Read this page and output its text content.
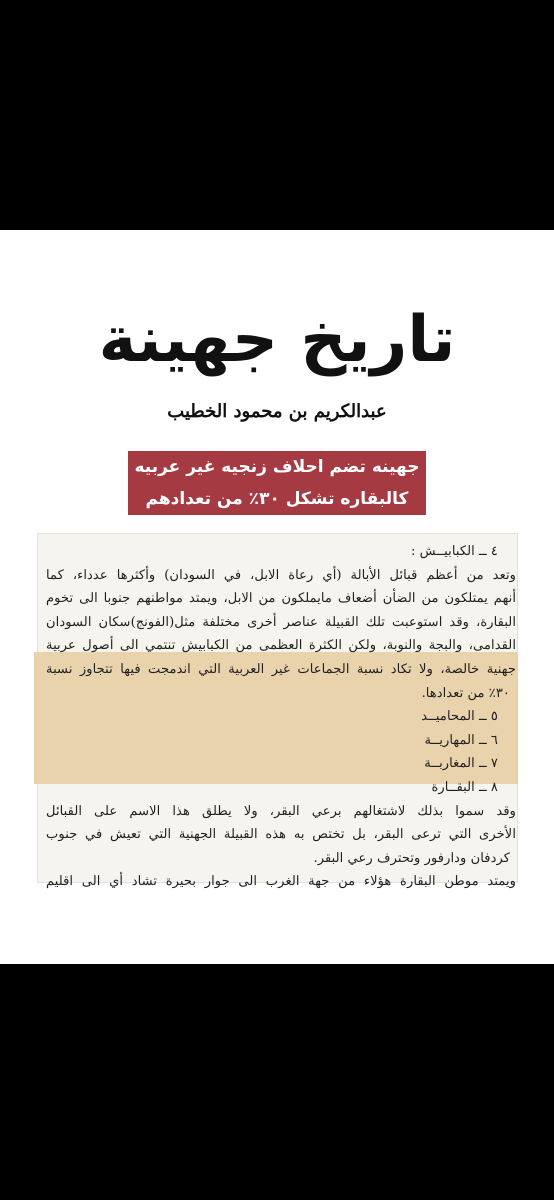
تاريخ جهينة
عبدالكريم بن محمود الخطيب
جهينه تضم احلاف زنجيه غير عربيه
كالبقاره تشكل ٣٠٪ من تعدادهم
٤ ــ الكبابيــش :
وتعد من أعظم قبائل الأبالة (أي رعاة الابل، في السودان) وأكثرها عدداء، كما
أنهم يمتلكون من الضأن أضعاف مايملكون من الابل، ويمتد مواطنهم جنوبا الى تخوم
البقارة، وقد استوعبت تلك القبيلة عناصر أخرى مختلفة مثل(الفونج)سكان السودان
القدامى، والبجة والنوبة، ولكن الكثرة العظمى من الكبابيش تنتمي الى أصول عربية
جهنية خالصة، ولا تكاد نسبة الجماعات غير العربية التي اندمجت فيها تتجاوز نسبة
٣٠٪ من تعدادها.
٥ ــ المحاميــد
٦ ــ المهاريــة
٧ ــ المغاربــة
٨ ــ البقــارة
وقد سموا بذلك لاشتغالهم برعي البقر، ولا يطلق هذا الاسم على القبائل
الأخرى التي ترعى البقر، بل تختص به هذه القبيلة الجهنية التي تعيش في جنوب
كردفان ودارفور وتحترف رعي البقر.
ويمتد موطن البقارة هؤلاء من جهة الغرب الى جوار بحيرة تشاد أي الى اقليم
